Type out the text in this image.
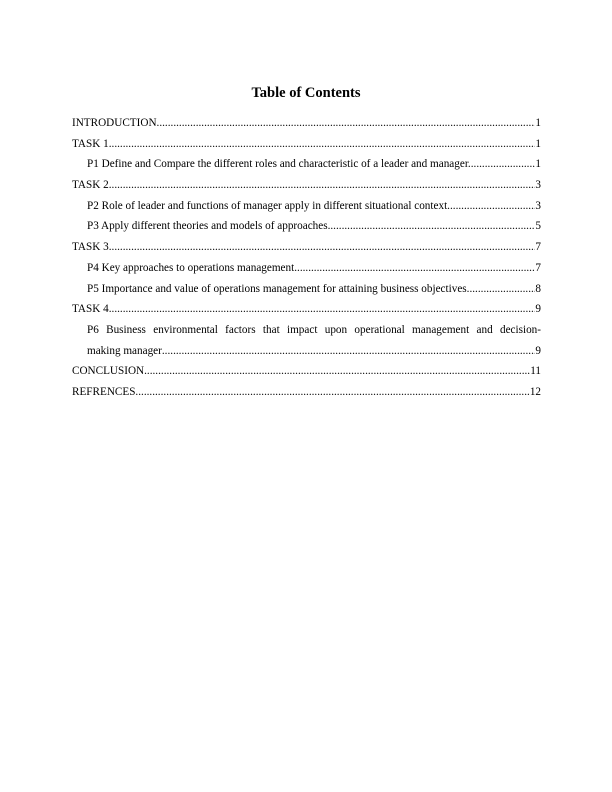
Table of Contents
INTRODUCTION .....	1
TASK 1 .....	1
P1 Define and Compare the different roles and characteristic of a leader and manager. .....	1
TASK 2 .....	3
P2 Role of leader and functions of manager apply in different situational context. .....	3
P3 Apply different theories and models of approaches .....	5
TASK 3 .....	7
P4 Key approaches to operations management .....	7
P5 Importance and value of operations management for attaining business objectives. .....	8
TASK 4 .....	9
P6 Business environmental factors that impact upon operational management and decision-
making manager .....	9
CONCLUSION .....	11
REFRENCES .....	12
